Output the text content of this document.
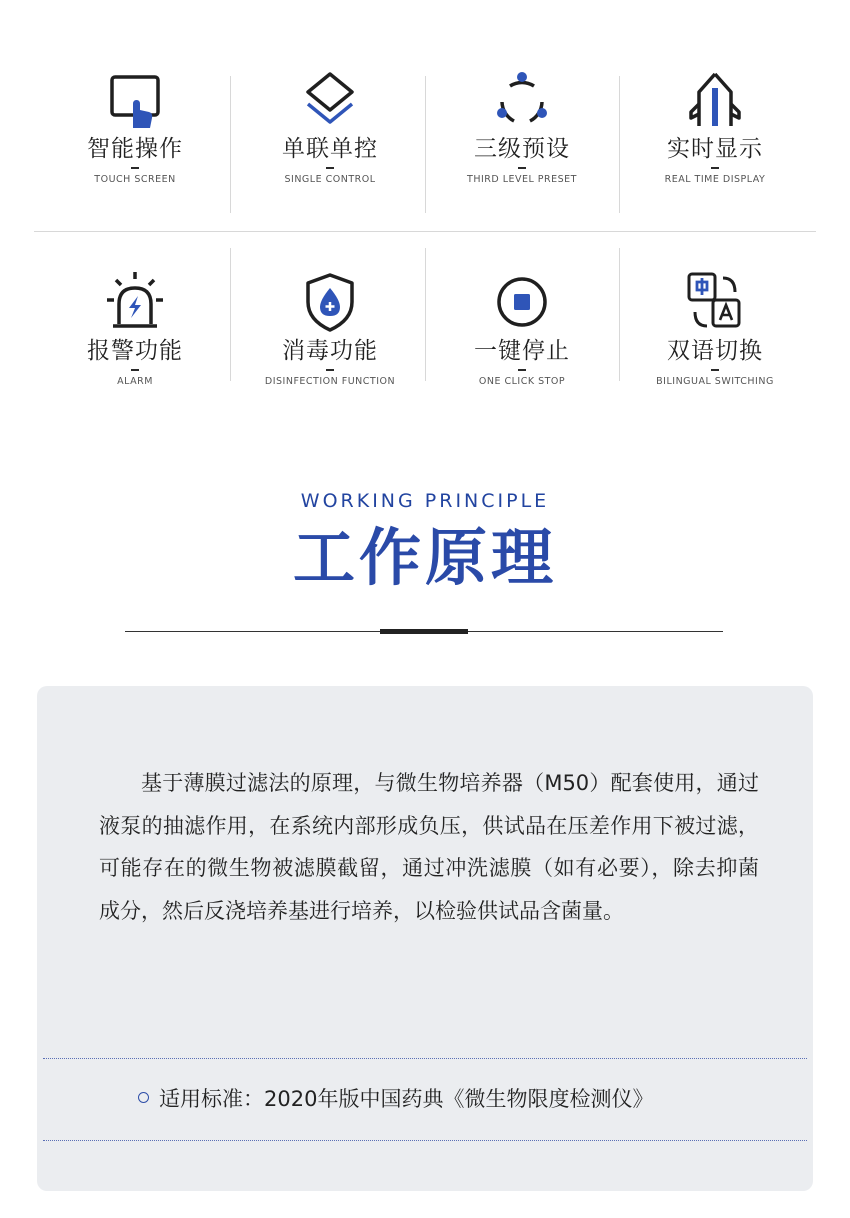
智能操作
TOUCH SCREEN
单联单控
SINGLE CONTROL
三级预设
THIRD LEVEL PRESET
实时显示
REAL TIME DISPLAY
报警功能
ALARM
消毒功能
DISINFECTION FUNCTION
一键停止
ONE CLICK STOP
双语切换
BILINGUAL SWITCHING
WORKING PRINCIPLE
工作原理
基于薄膜过滤法的原理，与微生物培养器（M50）配套使用，通过液泵的抽滤作用，在系统内部形成负压，供试品在压差作用下被过滤，可能存在的微生物被滤膜截留，通过冲洗滤膜（如有必要），除去抑菌成分，然后反浇培养基进行培养，以检验供试品含菌量。
适用标准：2020年版中国药典《微生物限度检测仪》
